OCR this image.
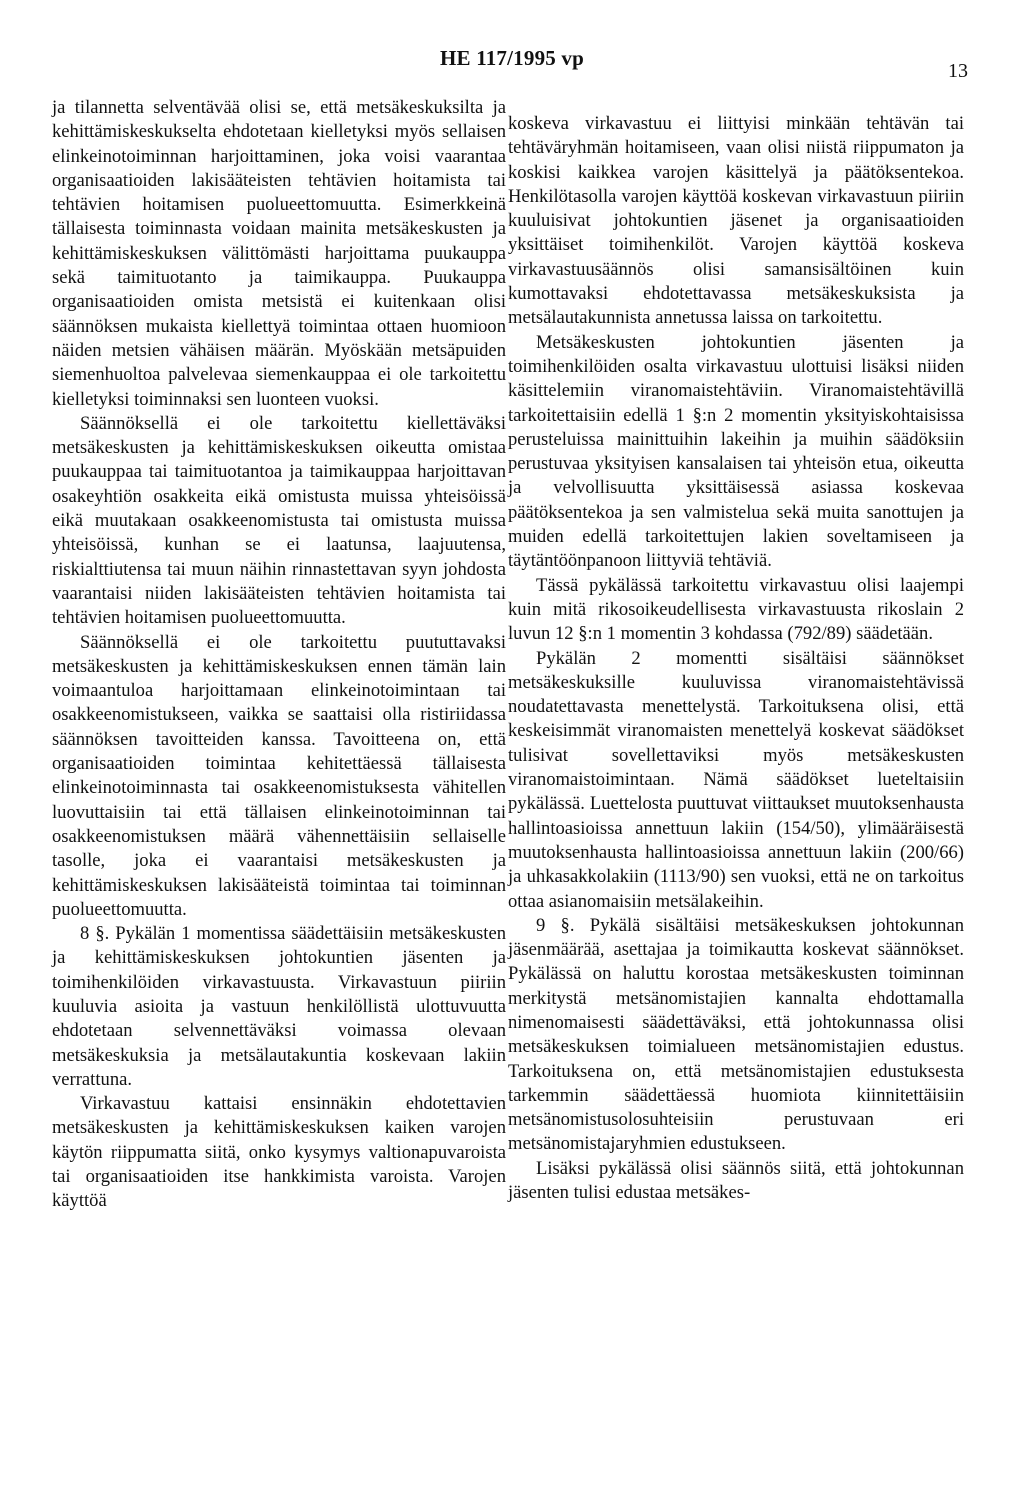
HE 117/1995 vp
13

ja tilannetta selventävää olisi se, että metsäkeskuksilta ja kehittämiskeskukselta ehdotetaan kielletyksi myös sellaisen elinkeinotoiminnan harjoittaminen, joka voisi vaarantaa organisaatioiden lakisääteisten tehtävien hoitamista tai tehtävien hoitamisen puolueettomuutta. Esimerkkeinä tällaisesta toiminnasta voidaan mainita metsäkeskusten ja kehittämiskeskuksen välittömästi harjoittama puukauppa sekä taimituotanto ja taimikauppa. Puukauppa organisaatioiden omista metsistä ei kuitenkaan olisi säännöksen mukaista kiellettyä toimintaa ottaen huomioon näiden metsien vähäisen määrän. Myöskään metsäpuiden siemenhuoltoa palvelevaa siemenkauppaa ei ole tarkoitettu kielletyksi toiminnaksi sen luonteen vuoksi.

Säännöksellä ei ole tarkoitettu kiellettäväksi metsäkeskusten ja kehittämiskeskuksen oikeutta omistaa puukauppaa tai taimituotantoa ja taimikauppaa harjoittavan osakeyhtiön osakkeita eikä omistusta muissa yhteisöissä eikä muutakaan osakkeenomistusta tai omistusta muissa yhteisöissä, kunhan se ei laatunsa, laajuutensa, riskialttiutensa tai muun näihin rinnastettavan syyn johdosta vaarantaisi niiden lakisääteisten tehtävien hoitamista tai tehtävien hoitamisen puolueettomuutta.

Säännöksellä ei ole tarkoitettu puututtavaksi metsäkeskusten ja kehittämiskeskuksen ennen tämän lain voimaantuloa harjoittamaan elinkeinotoimintaan tai osakkeenomistukseen, vaikka se saattaisi olla ristiriidassa säännöksen tavoitteiden kanssa. Tavoitteena on, että organisaatioiden toimintaa kehitettäessä tällaisesta elinkeinotoiminnasta tai osakkeenomistuksesta vähitellen luovuttaisiin tai että tällaisen elinkeinotoiminnan tai osakkeenomistuksen määrä vähennettäisiin sellaiselle tasolle, joka ei vaarantaisi metsäkeskusten ja kehittämiskeskuksen lakisääteistä toimintaa tai toiminnan puolueettomuutta.

8 §. Pykälän 1 momentissa säädettäisiin metsäkeskusten ja kehittämiskeskuksen johtokuntien jäsenten ja toimihenkilöiden virkavastuusta. Virkavastuun piiriin kuuluvia asioita ja vastuun henkilöllistä ulottuvuutta ehdotetaan selvennettäväksi voimassa olevaan metsäkeskuksia ja metsälautakuntia koskevaan lakiin verrattuna.

Virkavastuu kattaisi ensinnäkin ehdotettavien metsäkeskusten ja kehittämiskeskuksen kaiken varojen käytön riippumatta siitä, onko kysymys valtionapuvaroista tai organisaatioiden itse hankkimista varoista. Varojen käyttöä

koskeva virkavastuu ei liittyisi minkään tehtävän tai tehtäväryhmän hoitamiseen, vaan olisi niistä riippumaton ja koskisi kaikkea varojen käsittelyä ja päätöksentekoa. Henkilötasolla varojen käyttöä koskevan virkavastuun piiriin kuuluisivat johtokuntien jäsenet ja organisaatioiden yksittäiset toimihenkilöt. Varojen käyttöä koskeva virkavastuusäännös olisi samansisältöinen kuin kumottavaksi ehdotettavassa metsäkeskuksista ja metsälautakunnista annetussa laissa on tarkoitettu.

Metsäkeskusten johtokuntien jäsenten ja toimihenkilöiden osalta virkavastuu ulottuisi lisäksi niiden käsittelemiin viranomaistehtäviin. Viranomaistehtävillä tarkoitettaisiin edellä 1 §:n 2 momentin yksityiskohtaisissa perusteluissa mainittuihin lakeihin ja muihin säädöksiin perustuvaa yksityisen kansalaisen tai yhteisön etua, oikeutta ja velvollisuutta yksittäisessä asiassa koskevaa päätöksentekoa ja sen valmistelua sekä muita sanottujen ja muiden edellä tarkoitettujen lakien soveltamiseen ja täytäntöönpanoon liittyviä tehtäviä.

Tässä pykälässä tarkoitettu virkavastuu olisi laajempi kuin mitä rikosoikeudellisesta virkavastuusta rikoslain 2 luvun 12 §:n 1 momentin 3 kohdassa (792/89) säädetään.

Pykälän 2 momentti sisältäisi säännökset metsäkeskuksille kuuluvissa viranomaistehtävissä noudatettavasta menettelystä. Tarkoituksena olisi, että keskeisimmät viranomaisten menettelyä koskevat säädökset tulisivat sovellettaviksi myös metsäkeskusten viranomaistoimintaan. Nämä säädökset lueteltaisiin pykälässä. Luettelosta puuttuvat viittaukset muutoksenhausta hallintoasioissa annettuun lakiin (154/50), ylimääräisestä muutoksenhausta hallintoasioissa annettuun lakiin (200/66) ja uhkasakkolakiin (1113/90) sen vuoksi, että ne on tarkoitus ottaa asianomaisiin metsälakeihin.

9 §. Pykälä sisältäisi metsäkeskuksen johtokunnan jäsenmäärää, asettajaa ja toimikautta koskevat säännökset. Pykälässä on haluttu korostaa metsäkeskusten toiminnan merkitystä metsänomistajien kannalta ehdottamalla nimenomaisesti säädettäväksi, että johtokunnassa olisi metsäkeskuksen toimialueen metsänomistajien edustus. Tarkoituksena on, että metsänomistajien edustuksesta tarkemmin säädettäessä huomiota kiinnitettäisiin metsänomistusolosuhteisiin perustuvaan eri metsänomistajaryhmien edustukseen.

Lisäksi pykälässä olisi säännös siitä, että johtokunnan jäsenten tulisi edustaa metsäkes-
